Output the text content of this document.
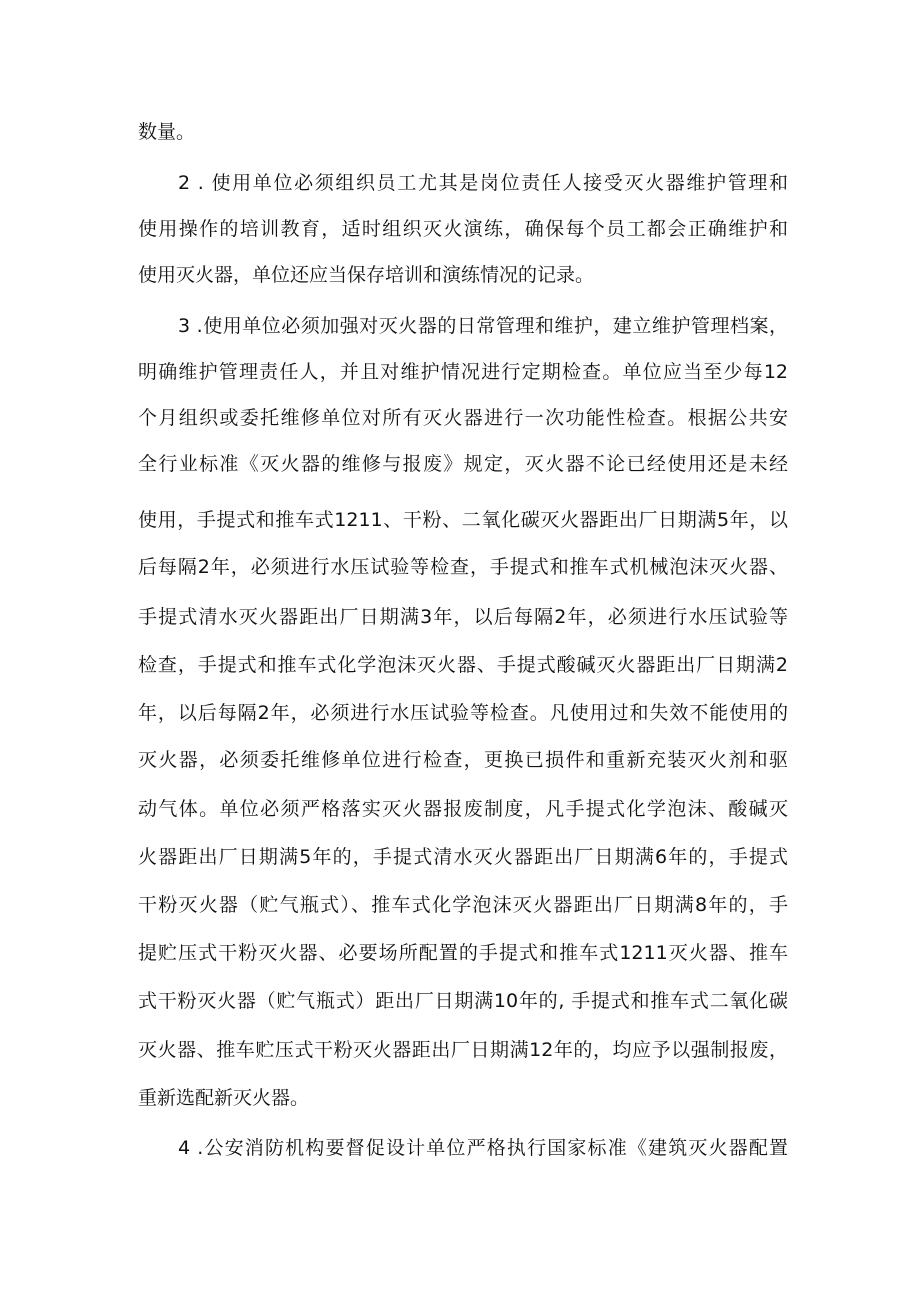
数量。
2 . 使用单位必须组织员工尤其是岗位责任人接受灭火器维护管理和
使用操作的培训教育，适时组织灭火演练，确保每个员工都会正确维护和
使用灭火器，单位还应当保存培训和演练情况的记录。
3 .使用单位必须加强对灭火器的日常管理和维护，建立维护管理档案，
明确维护管理责任人，并且对维护情况进行定期检查。单位应当至少每12
个月组织或委托维修单位对所有灭火器进行一次功能性检查。根据公共安
全行业标准《灭火器的维修与报废》规定，灭火器不论已经使用还是未经
使用，手提式和推车式1211、干粉、二氧化碳灭火器距出厂日期满5年，以
后每隔2年，必须进行水压试验等检查，手提式和推车式机械泡沫灭火器、
手提式清水灭火器距出厂日期满3年，以后每隔2年，必须进行水压试验等
检查，手提式和推车式化学泡沫灭火器、手提式酸碱灭火器距出厂日期满2
年，以后每隔2年，必须进行水压试验等检查。凡使用过和失效不能使用的
灭火器，必须委托维修单位进行检查，更换已损件和重新充装灭火剂和驱
动气体。单位必须严格落实灭火器报废制度，凡手提式化学泡沫、酸碱灭
火器距出厂日期满5年的，手提式清水灭火器距出厂日期满6年的，手提式
干粉灭火器（贮气瓶式）、推车式化学泡沫灭火器距出厂日期满8年的，手
提贮压式干粉灭火器、必要场所配置的手提式和推车式1211灭火器、推车
式干粉灭火器（贮气瓶式）距出厂日期满10年的, 手提式和推车式二氧化碳
灭火器、推车贮压式干粉灭火器距出厂日期满12年的，均应予以强制报废，
重新选配新灭火器。
4 .公安消防机构要督促设计单位严格执行国家标准《建筑灭火器配置
